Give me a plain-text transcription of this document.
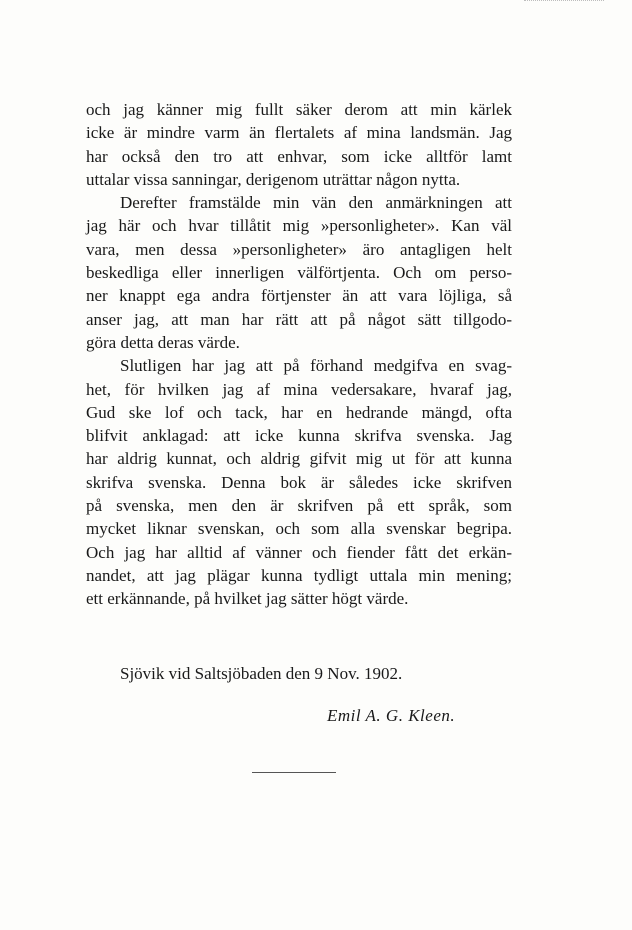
och jag känner mig fullt säker derom att min kärlek
icke är mindre varm än flertalets af mina landsmän. Jag
har också den tro att enhvar, som icke alltför lamt
uttalar vissa sanningar, derigenom uträttar någon nytta.
Derefter framstälde min vän den anmärkningen att
jag här och hvar tillåtit mig »personligheter». Kan väl
vara, men dessa »personligheter» äro antagligen helt
beskedliga eller innerligen välförtjenta. Och om perso-
ner knappt ega andra förtjenster än att vara löjliga, så
anser jag, att man har rätt att på något sätt tillgodo-
göra detta deras värde.
Slutligen har jag att på förhand medgifva en svag-
het, för hvilken jag af mina vedersakare, hvaraf jag,
Gud ske lof och tack, har en hedrande mängd, ofta
blifvit anklagad: att icke kunna skrifva svenska. Jag
har aldrig kunnat, och aldrig gifvit mig ut för att kunna
skrifva svenska. Denna bok är således icke skrifven
på svenska, men den är skrifven på ett språk, som
mycket liknar svenskan, och som alla svenskar begripa.
Och jag har alltid af vänner och fiender fått det erkän-
nandet, att jag plägar kunna tydligt uttala min mening;
ett erkännande, på hvilket jag sätter högt värde.
Sjövik vid Saltsjöbaden den 9 Nov. 1902.
Emil A. G. Kleen.
